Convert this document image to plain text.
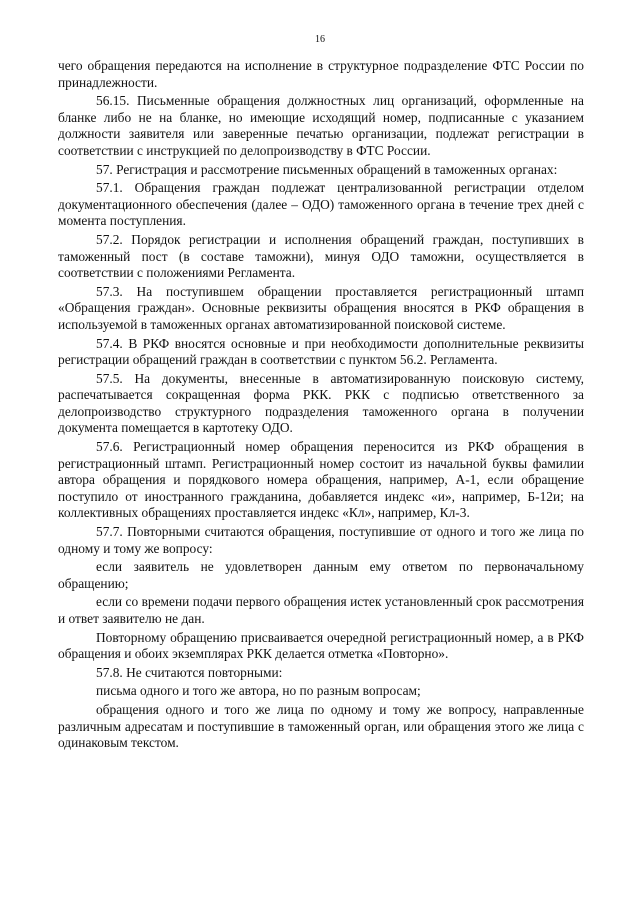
16

чего обращения передаются на исполнение в структурное подразделение ФТС России по принадлежности.

56.15. Письменные обращения должностных лиц организаций, оформленные на бланке либо не на бланке, но имеющие исходящий номер, подписанные с указанием должности заявителя или заверенные печатью организации, подлежат регистрации в соответствии с инструкцией по делопроизводству в ФТС России.

57. Регистрация и рассмотрение письменных обращений в таможенных органах:

57.1. Обращения граждан подлежат централизованной регистрации отделом документационного обеспечения (далее – ОДО) таможенного органа в течение трех дней с момента поступления.

57.2. Порядок регистрации и исполнения обращений граждан, поступивших в таможенный пост (в составе таможни), минуя ОДО таможни, осуществляется в соответствии с положениями Регламента.

57.3. На поступившем обращении проставляется регистрационный штамп «Обращения граждан». Основные реквизиты обращения вносятся в РКФ обращения в используемой в таможенных органах автоматизированной поисковой системе.

57.4. В РКФ вносятся основные и при необходимости дополнительные реквизиты регистрации обращений граждан в соответствии с пунктом 56.2. Регламента.

57.5. На документы, внесенные в автоматизированную поисковую систему, распечатывается сокращенная форма РКК. РКК с подписью ответственного за делопроизводство структурного подразделения таможенного органа в получении документа помещается в картотеку ОДО.

57.6. Регистрационный номер обращения переносится из РКФ обращения в регистрационный штамп. Регистрационный номер состоит из начальной буквы фамилии автора обращения и порядкового номера обращения, например, А-1, если обращение поступило от иностранного гражданина, добавляется индекс «и», например, Б-12и; на коллективных обращениях проставляется индекс «Кл», например, Кл-3.

57.7. Повторными считаются обращения, поступившие от одного и того же лица по одному и тому же вопросу:

если заявитель не удовлетворен данным ему ответом по первоначальному обращению;

если со времени подачи первого обращения истек установленный срок рассмотрения и ответ заявителю не дан.

Повторному обращению присваивается очередной регистрационный номер, а в РКФ обращения и обоих экземплярах РКК делается отметка «Повторно».

57.8. Не считаются повторными:

письма одного и того же автора, но по разным вопросам;

обращения одного и того же лица по одному и тому же вопросу, направленные различным адресатам и поступившие в таможенный орган, или обращения этого же лица с одинаковым текстом.
